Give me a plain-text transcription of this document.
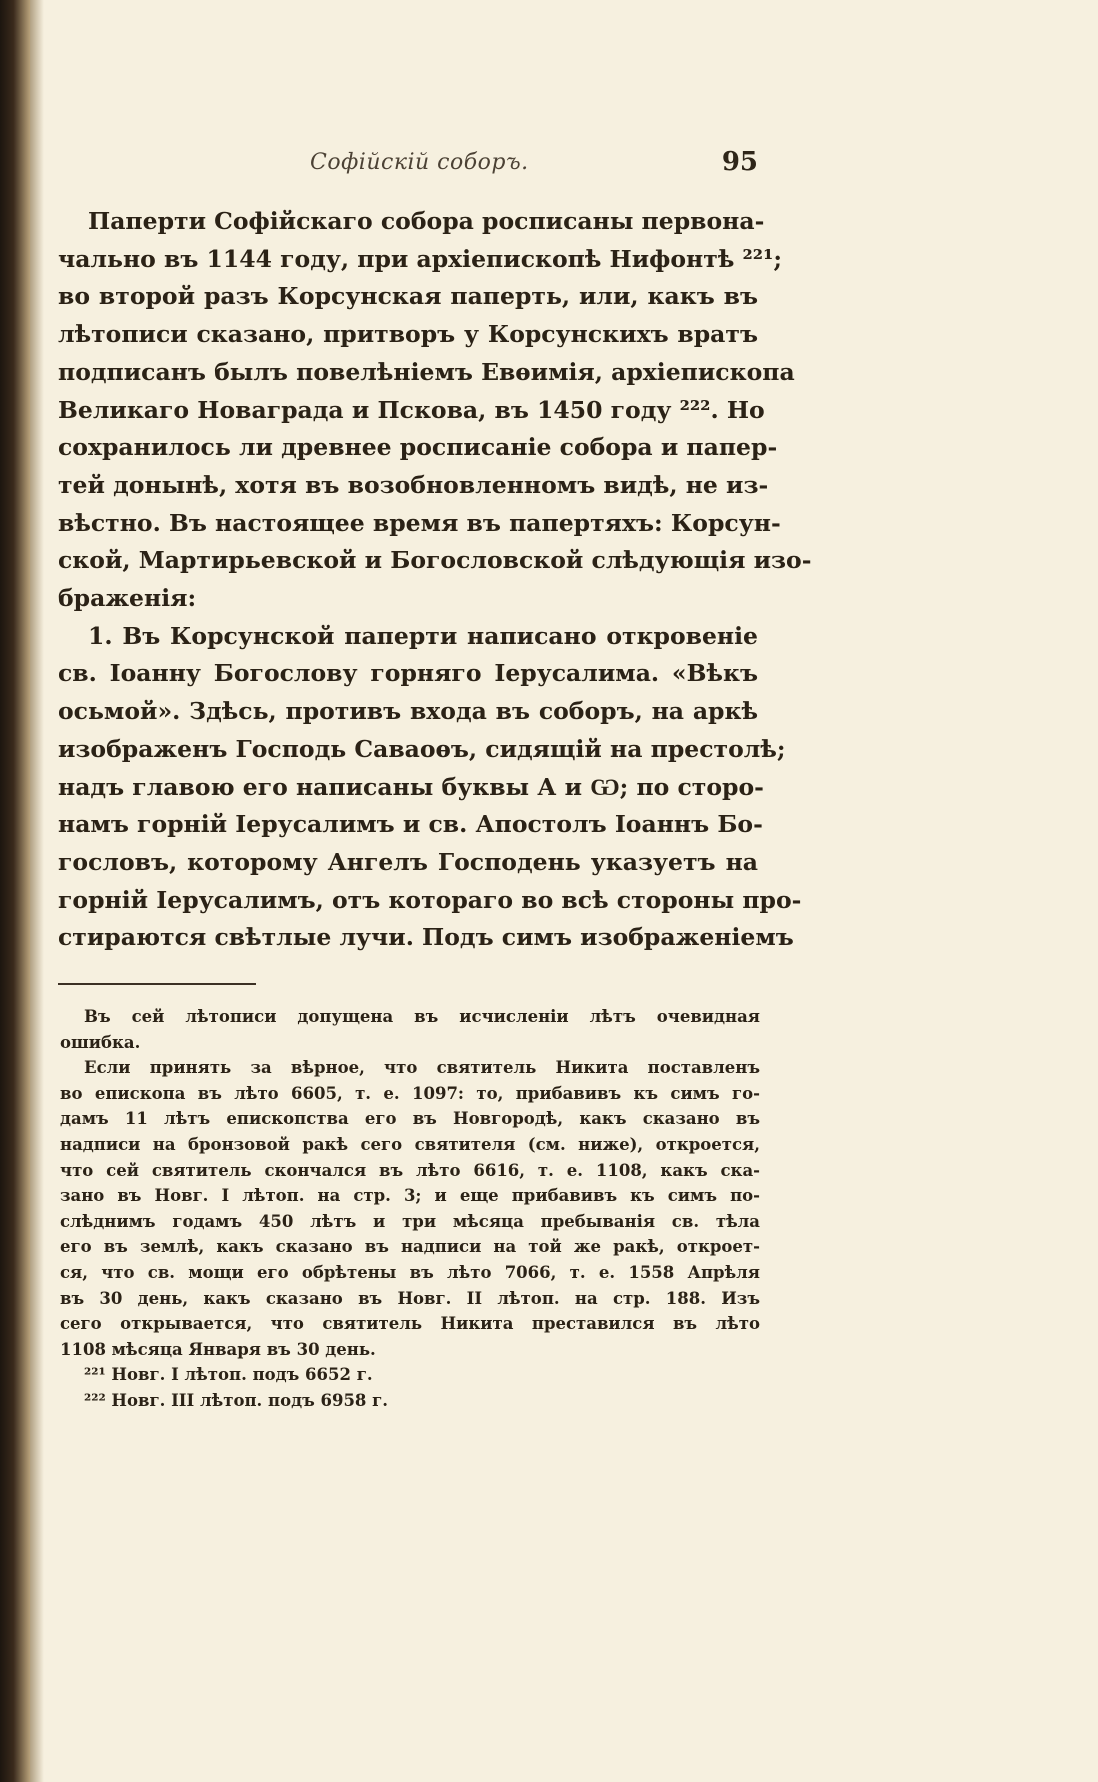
Софійскій соборъ.	95
Паперти Софійскаго собора росписаны первона-
чально въ 1144 году, при архіепископѣ Нифонтѣ ²²¹;
во второй разъ Корсунская паперть, или, какъ въ
лѣтописи сказано, притворъ у Корсунскихъ вратъ
подписанъ былъ повелѣніемъ Евѳимія, архіепископа
Великаго Новаграда и Пскова, въ 1450 году ²²². Но
сохранилось ли древнее росписаніе собора и папер-
тей донынѣ, хотя въ возобновленномъ видѣ, не из-
вѣстно. Въ настоящее время въ папертяхъ: Корсун-
ской, Мартирьевской и Богословской слѣдующія изо-
браженія:
1. Въ Корсунской паперти написано откровеніе
св. Іоанну Богослову горняго Іерусалима. «Вѣкъ
осьмой». Здѣсь, противъ входа въ соборъ, на аркѣ
изображенъ Господь Саваоѳъ, сидящій на престолѣ;
надъ главою его написаны буквы А и Ѡ; по сторо-
намъ горній Іерусалимъ и св. Апостолъ Іоаннъ Бо-
гословъ, которому Ангелъ Господень указуетъ на
горній Іерусалимъ, отъ котораго во всѣ стороны про-
стираются свѣтлые лучи. Подъ симъ изображеніемъ
Въ сей лѣтописи допущена въ исчисленіи лѣтъ очевидная
ошибка.
Если принять за вѣрное, что святитель Никита поставленъ
во епископа въ лѣто 6605, т. е. 1097: то, прибавивъ къ симъ го-
дамъ 11 лѣтъ епископства его въ Новгородѣ, какъ сказано въ
надписи на бронзовой ракѣ сего святителя (см. ниже), откроется,
что сей святитель скончался въ лѣто 6616, т. е. 1108, какъ ска-
зано въ Новг. I лѣтоп. на стр. 3; и еще прибавивъ къ симъ по-
слѣднимъ годамъ 450 лѣтъ и три мѣсяца пребыванія св. тѣла
его въ землѣ, какъ сказано въ надписи на той же ракѣ, откроет-
ся, что св. мощи его обрѣтены въ лѣто 7066, т. е. 1558 Апрѣля
въ 30 день, какъ сказано въ Новг. II лѣтоп. на стр. 188. Изъ
сего открывается, что святитель Никита преставился въ лѣто
1108 мѣсяца Января въ 30 день.
²²¹ Новг. I лѣтоп. подъ 6652 г.
²²² Новг. III лѣтоп. подъ 6958 г.
